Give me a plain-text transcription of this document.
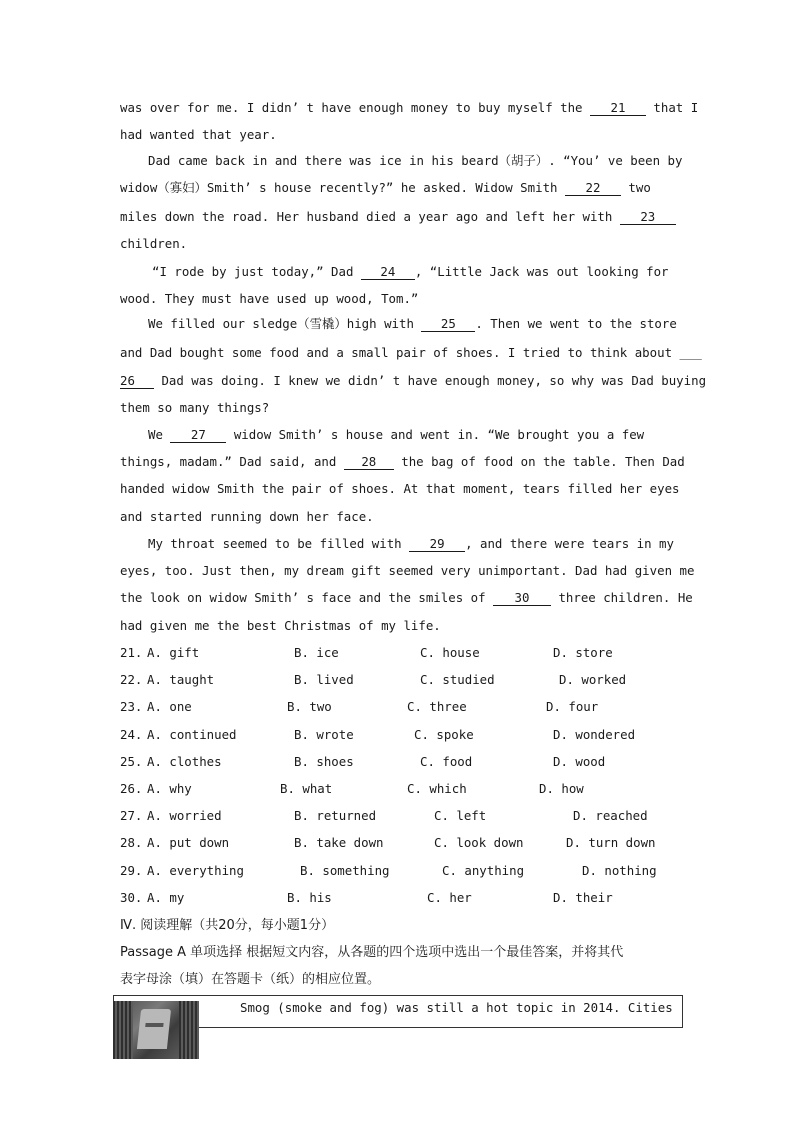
was over for me. I didn’ t have enough money to buy myself the 21 that I
had wanted that year.
Dad came back in and there was ice in his beard（胡子）. “You’ ve been by
widow（寡妇）Smith’ s house recently?” he asked. Widow Smith 22 two
miles down the road. Her husband died a year ago and left her with 23
children.
“I rode by just today,” Dad 24 , “Little Jack was out looking for
wood. They must have used up wood, Tom.”
We filled our sledge（雪橇）high with 25 . Then we went to the store
and Dad bought some food and a small pair of shoes. I tried to think about ___
26 Dad was doing. I knew we didn’ t have enough money, so why was Dad buying
them so many things?
We 27 widow Smith’ s house and went in. “We brought you a few
things, madam.” Dad said, and 28 the bag of food on the table. Then Dad
handed widow Smith the pair of shoes. At that moment, tears filled her eyes
and started running down her face.
My throat seemed to be filled with 29 , and there were tears in my
eyes, too. Just then, my dream gift seemed very unimportant. Dad had given me
the look on widow Smith’ s face and the smiles of 30 three children. He
had given me the best Christmas of my life.
21. A. gift	B. ice	C. house	D. store
22. A. taught	B. lived	C. studied	D. worked
23. A. one	B. two	C. three	D. four
24. A. continued	B. wrote	C. spoke	D. wondered
25. A. clothes	B. shoes	C. food	D. wood
26. A. why	B. what	C. which	D. how
27. A. worried	B. returned	C. left	D. reached
28. A. put down	B. take down	C. look down	D. turn down
29. A. everything	B. something	C. anything	D. nothing
30. A. my	B. his	C. her	D. their
Ⅳ. 阅读理解（共20分，每小题1分）
Passage A 单项选择 根据短文内容，从各题的四个选项中选出一个最佳答案，并将其代
表字母涂（填）在答题卡（纸）的相应位置。
Smog (smoke and fog) was still a hot topic in 2014. Cities
